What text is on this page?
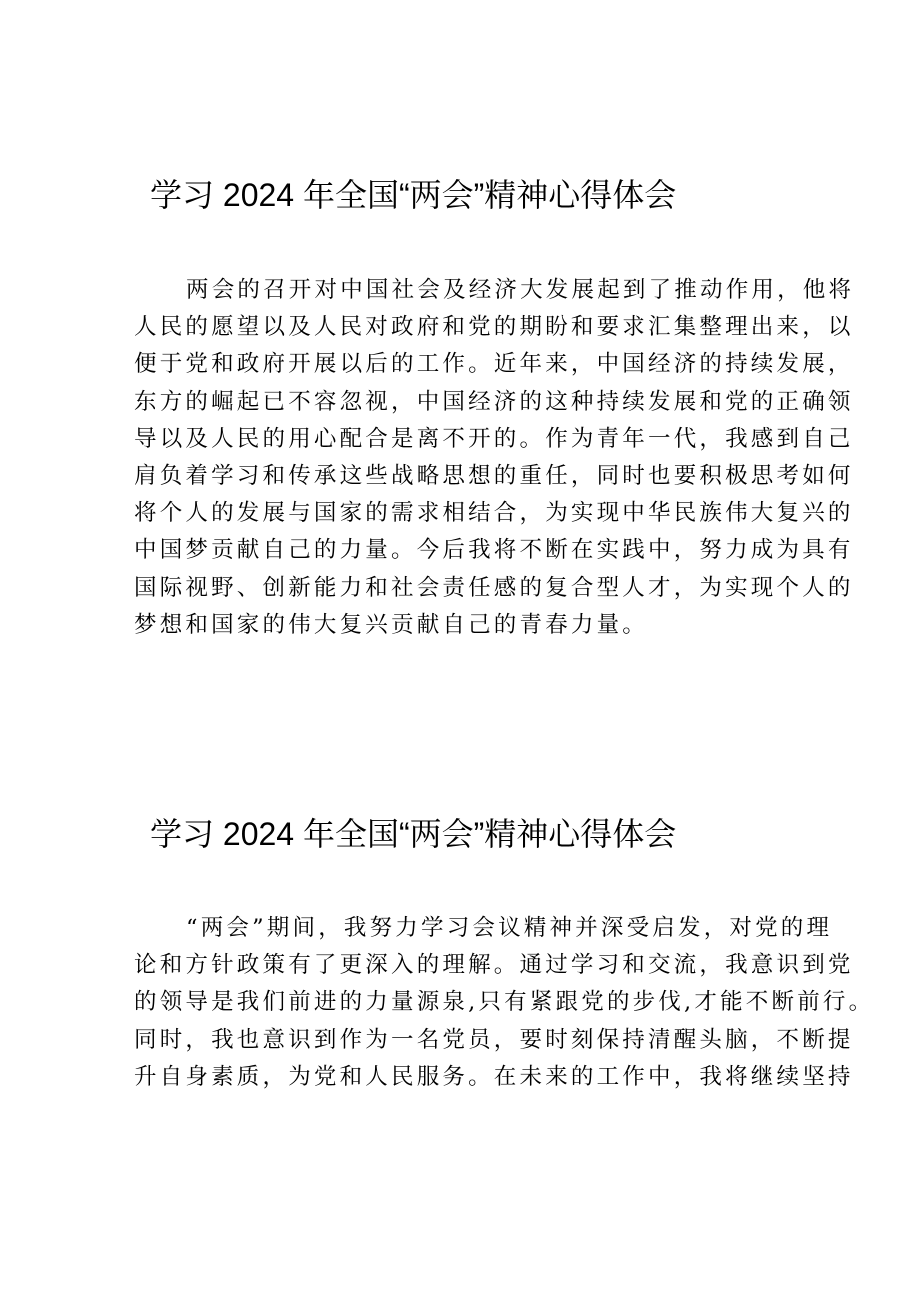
学习 2024 年全国“两会”精神心得体会
两会的召开对中国社会及经济大发展起到了推动作用，他将
人民的愿望以及人民对政府和党的期盼和要求汇集整理出来，以
便于党和政府开展以后的工作。近年来，中国经济的持续发展，
东方的崛起已不容忽视，中国经济的这种持续发展和党的正确领
导以及人民的用心配合是离不开的。作为青年一代，我感到自己
肩负着学习和传承这些战略思想的重任，同时也要积极思考如何
将个人的发展与国家的需求相结合，为实现中华民族伟大复兴的
中国梦贡献自己的力量。今后我将不断在实践中，努力成为具有
国际视野、创新能力和社会责任感的复合型人才，为实现个人的
梦想和国家的伟大复兴贡献自己的青春力量。
学习 2024 年全国“两会”精神心得体会
“两会”期间，我努力学习会议精神并深受启发，对党的理
论和方针政策有了更深入的理解。通过学习和交流，我意识到党
的领导是我们前进的力量源泉,只有紧跟党的步伐,才能不断前行。
同时，我也意识到作为一名党员，要时刻保持清醒头脑，不断提
升自身素质，为党和人民服务。在未来的工作中，我将继续坚持
